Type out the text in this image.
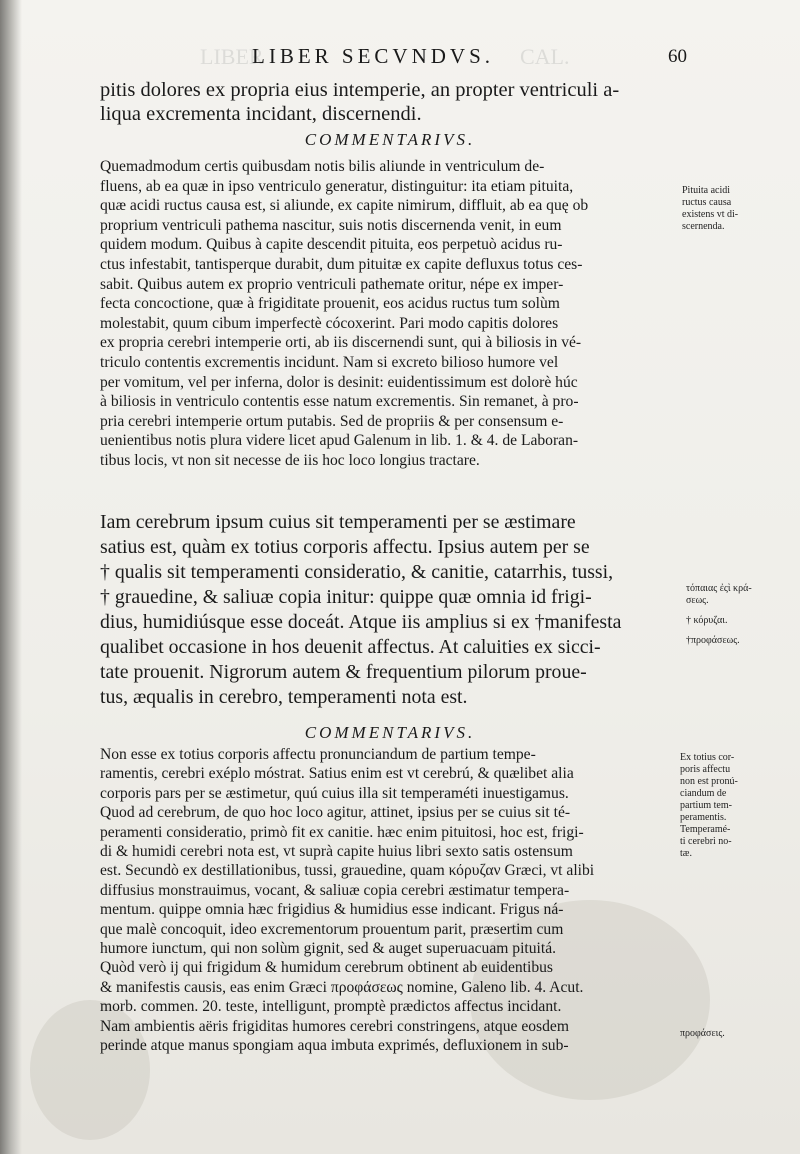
CAL.
LIBER
LIBER SECVNDVS.	60
pitis dolores ex propria eius intemperie, an propter ventriculi a-
liqua excrementa incidant, discernendi.
COMMENTARIVS.
Quemadmodum certis quibusdam notis bilis aliunde in ventriculum de-
fluens, ab ea quæ in ipso ventriculo generatur, distinguitur: ita etiam pituita,
quæ acidi ructus causa est, si aliunde, ex capite nimirum, diffluit, ab ea quę ob
proprium ventriculi pathema nascitur, suis notis discernenda venit, in eum
quidem modum. Quibus à capite descendit pituita, eos perpetuò acidus ru-
ctus infestabit, tantisperque durabit, dum pituitæ ex capite defluxus totus ces-
sabit. Quibus autem ex proprio ventriculi pathemate oritur, népe ex imper-
fecta concoctione, quæ à frigiditate prouenit, eos acidus ructus tum solùm
molestabit, quum cibum imperfectè cócoxerint. Pari modo capitis dolores
ex propria cerebri intemperie orti, ab iis discernendi sunt, qui à biliosis in vé-
triculo contentis excrementis incidunt. Nam si excreto bilioso humore vel
per vomitum, vel per inferna, dolor is desinit: euidentissimum est dolorè húc
à biliosis in ventriculo contentis esse natum excrementis. Sin remanet, à pro-
pria cerebri intemperie ortum putabis. Sed de propriis & per consensum e-
uenientibus notis plura videre licet apud Galenum in lib. 1. & 4. de Laboran-
tibus locis, vt non sit necesse de iis hoc loco longius tractare.
Iam cerebrum ipsum cuius sit temperamenti per se æstimare
satius est, quàm ex totius corporis affectu. Ipsius autem per se
† qualis sit temperamenti consideratio, & canitie, catarrhis, tussi,
† grauedine, & saliuæ copia initur: quippe quæ omnia id frigi-
dius, humidiúsque esse doceát. Atque iis amplius si ex †manifesta
qualibet occasione in hos deuenit affectus. At caluities ex sicci-
tate prouenit. Nigrorum autem & frequentium pilorum proue-
tus, æqualis in cerebro, temperamenti nota est.
COMMENTARIVS.
Non esse ex totius corporis affectu pronunciandum de partium tempe-
ramentis, cerebri exéplo móstrat. Satius enim est vt cerebrú, & quælibet alia
corporis pars per se æstimetur, quú cuius illa sit temperaméti inuestigamus.
Quod ad cerebrum, de quo hoc loco agitur, attinet, ipsius per se cuius sit té-
peramenti consideratio, primò fit ex canitie. hæc enim pituitosi, hoc est, frigi-
di & humidi cerebri nota est, vt suprà capite huius libri sexto satis ostensum
est. Secundò ex destillationibus, tussi, grauedine, quam κόρυζαν Græci, vt alibi
diffusius monstrauimus, vocant, & saliuæ copia cerebri æstimatur tempera-
mentum. quippe omnia hæc frigidius & humidius esse indicant. Frigus ná-
que malè concoquit, ideo excrementorum prouentum parit, præsertim cum
humore iunctum, qui non solùm gignit, sed & auget superuacuam pituitá.
Quòd verò ij qui frigidum & humidum cerebrum obtinent ab euidentibus
& manifestis causis, eas enim Græci προφάσεως nomine, Galeno lib. 4. Acut.
morb. commen. 20. teste, intelligunt, promptè prædictos affectus incidant.
Nam ambientis aëris frigiditas humores cerebri constringens, atque eosdem
perinde atque manus spongiam aqua imbuta exprimés, defluxionem in sub-
Pituita acidi
ructus causa
existens vt di-
scernenda.
τόπαιας ἐςὶ κρά-
σεως.
† κόρυζαι.
†προφάσεως.
Ex totius cor-
poris affectu
non est pronú-
ciandum de
partium tem-
peramentis.
Temperamé-
ti cerebri no-
tæ.
προφάσεις.
